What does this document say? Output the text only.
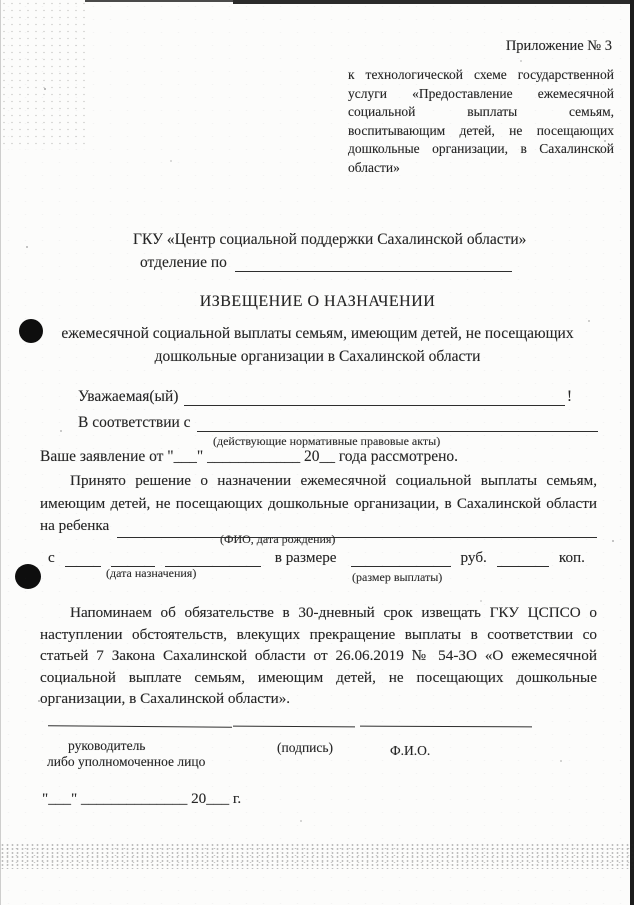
Приложение № 3
к технологической схеме государственной
услуги «Предоставление ежемесячной
социальной выплаты семьям,
воспитывающим детей, не посещающих
дошкольные организации, в Сахалинской
области»
ГКУ «Центр социальной поддержки Сахалинской области»
отделение по
ИЗВЕЩЕНИЕ О НАЗНАЧЕНИИ
ежемесячной социальной выплаты семьям, имеющим детей, не посещающих
дошкольные организации в Сахалинской области
Уважаемая(ый)	!
В соответствии с
(действующие нормативные правовые акты)
Ваше заявление от "___" ____________ 20__ года рассмотрено.
Принято решение о назначении ежемесячной социальной выплаты семьям,
имеющим детей, не посещающих дошкольные организации, в Сахалинской области
на ребенка
(ФИО, дата рождения)
с	в размере	руб.	коп.
(дата назначения)	(размер выплаты)
Напоминаем об обязательстве в 30-дневный срок извещать ГКУ ЦСПСО о
наступлении обстоятельств, влекущих прекращение выплаты в соответствии со
статьей 7 Закона Сахалинской области от 26.06.2019 № 54-ЗО «О ежемесячной
социальной выплате семьям, имеющим детей, не посещающих дошкольные
организации, в Сахалинской области».
руководитель
либо уполномоченное лицо
(подпись)	Ф.И.О.
"___" ______________ 20___ г.
